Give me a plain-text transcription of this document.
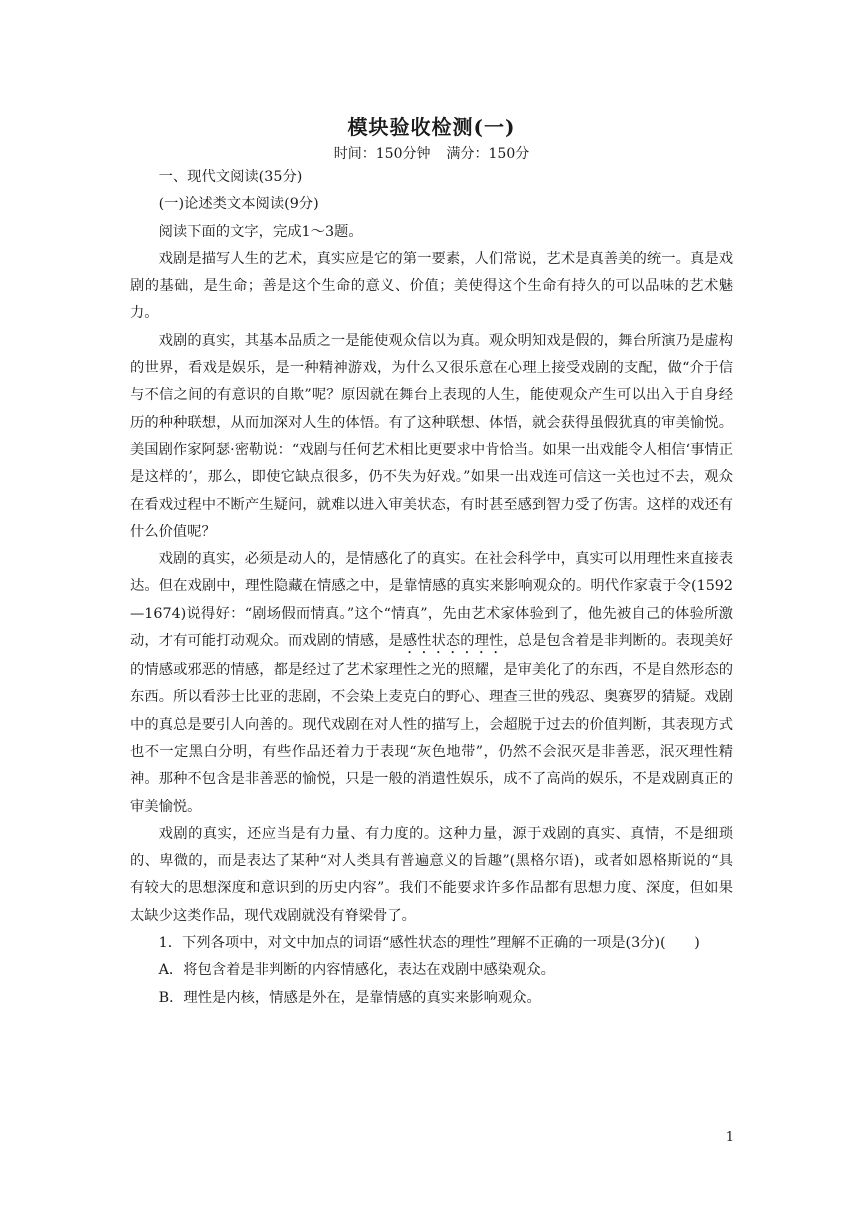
模块验收检测(一)
时间：150分钟 满分：150分

一、现代文阅读(35分)

(一)论述类文本阅读(9分)

阅读下面的文字，完成1～3题。

戏剧是描写人生的艺术，真实应是它的第一要素，人们常说，艺术是真善美的统一。真是戏剧的基础，是生命；善是这个生命的意义、价值；美使得这个生命有持久的可以品味的艺术魅力。

戏剧的真实，其基本品质之一是能使观众信以为真。观众明知戏是假的，舞台所演乃是虚构的世界，看戏是娱乐，是一种精神游戏，为什么又很乐意在心理上接受戏剧的支配，做“介于信与不信之间的有意识的自欺”呢？原因就在舞台上表现的人生，能使观众产生可以出入于自身经历的种种联想，从而加深对人生的体悟。有了这种联想、体悟，就会获得虽假犹真的审美愉悦。美国剧作家阿瑟·密勒说：“戏剧与任何艺术相比更要求中肯恰当。如果一出戏能令人相信‘事情正是这样的’，那么，即使它缺点很多，仍不失为好戏。”如果一出戏连可信这一关也过不去，观众在看戏过程中不断产生疑问，就难以进入审美状态，有时甚至感到智力受了伤害。这样的戏还有什么价值呢？

戏剧的真实，必须是动人的，是情感化了的真实。在社会科学中，真实可以用理性来直接表达。但在戏剧中，理性隐藏在情感之中，是靠情感的真实来影响观众的。明代作家袁于令(1592—1674)说得好：“剧场假而情真。”这个“情真”，先由艺术家体验到了，他先被自己的体验所激动，才有可能打动观众。而戏剧的情感，是感性状态的理性，总是包含着是非判断的。表现美好的情感或邪恶的情感，都是经过了艺术家理性之光的照耀，是审美化了的东西，不是自然形态的东西。所以看莎士比亚的悲剧，不会染上麦克白的野心、理查三世的残忍、奥赛罗的猜疑。戏剧中的真总是要引人向善的。现代戏剧在对人性的描写上，会超脱于过去的价值判断，其表现方式也不一定黑白分明，有些作品还着力于表现“灰色地带”，仍然不会泯灭是非善恶，泯灭理性精神。那种不包含是非善恶的愉悦，只是一般的消遣性娱乐，成不了高尚的娱乐，不是戏剧真正的审美愉悦。

戏剧的真实，还应当是有力量、有力度的。这种力量，源于戏剧的真实、真情，不是细琐的、卑微的，而是表达了某种“对人类具有普遍意义的旨趣”(黑格尔语)，或者如恩格斯说的“具有较大的思想深度和意识到的历史内容”。我们不能要求许多作品都有思想力度、深度，但如果太缺少这类作品，现代戏剧就没有脊梁骨了。

1．下列各项中，对文中加点的词语“感性状态的理性”理解不正确的一项是(3分)(　　)

A．将包含着是非判断的内容情感化，表达在戏剧中感染观众。

B．理性是内核，情感是外在，是靠情感的真实来影响观众。

1
